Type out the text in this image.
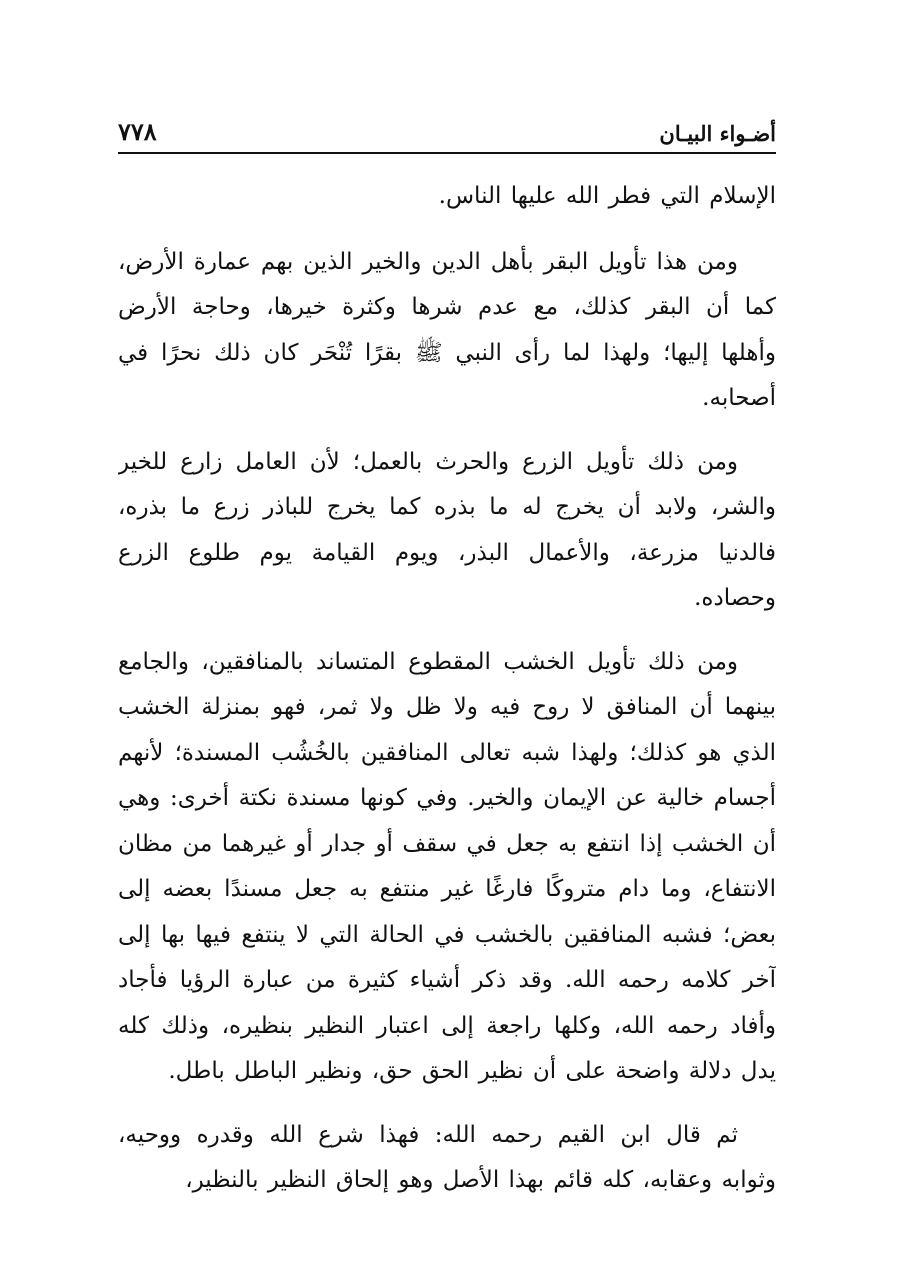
أضـواء البيـان
٧٧٨

الإسلام التي فطر الله عليها الناس.

ومن هذا تأويل البقر بأهل الدين والخير الذين بهم عمارة الأرض، كما أن البقر كذلك، مع عدم شرها وكثرة خيرها، وحاجة الأرض وأهلها إليها؛ ولهذا لما رأى النبي ﷺ بقرًا تُنْحَر كان ذلك نحرًا في أصحابه.

ومن ذلك تأويل الزرع والحرث بالعمل؛ لأن العامل زارع للخير والشر، ولابد أن يخرج له ما بذره كما يخرج للباذر زرع ما بذره، فالدنيا مزرعة، والأعمال البذر، ويوم القيامة يوم طلوع الزرع وحصاده.

ومن ذلك تأويل الخشب المقطوع المتساند بالمنافقين، والجامع بينهما أن المنافق لا روح فيه ولا ظل ولا ثمر، فهو بمنزلة الخشب الذي هو كذلك؛ ولهذا شبه تعالى المنافقين بالخُشُب المسندة؛ لأنهم أجسام خالية عن الإيمان والخير. وفي كونها مسندة نكتة أخرى: وهي أن الخشب إذا انتفع به جعل في سقف أو جدار أو غيرهما من مظان الانتفاع، وما دام متروكًا فارغًا غير منتفع به جعل مسندًا بعضه إلى بعض؛ فشبه المنافقين بالخشب في الحالة التي لا ينتفع فيها بها إلى آخر كلامه رحمه الله. وقد ذكر أشياء كثيرة من عبارة الرؤيا فأجاد وأفاد رحمه الله، وكلها راجعة إلى اعتبار النظير بنظيره، وذلك كله يدل دلالة واضحة على أن نظير الحق حق، ونظير الباطل باطل.

ثم قال ابن القيم رحمه الله: فهذا شرع الله وقدره ووحيه، وثوابه وعقابه، كله قائم بهذا الأصل وهو إلحاق النظير بالنظير،
